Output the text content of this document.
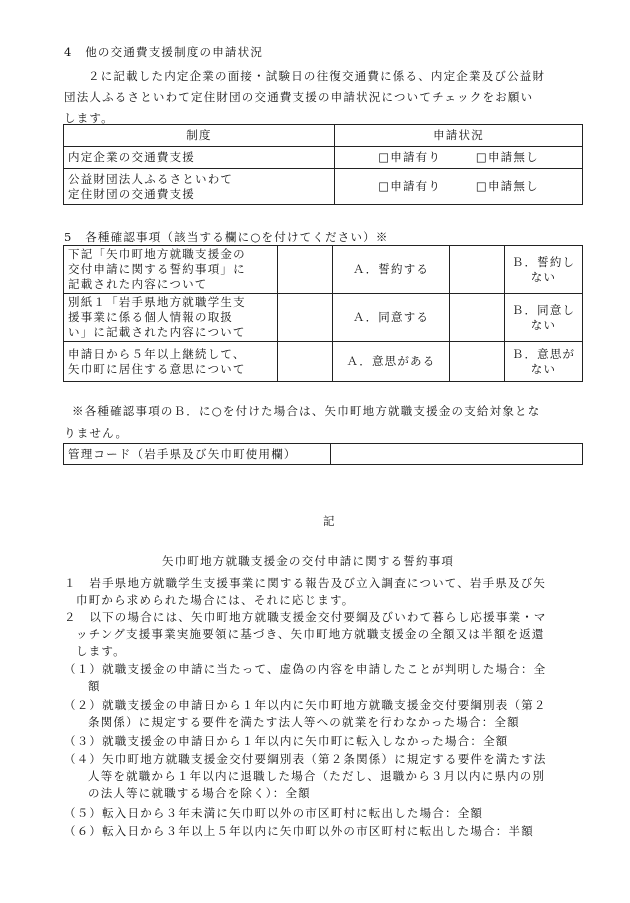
4　他の交通費支援制度の申請状況
２に記載した内定企業の面接・試験日の往復交通費に係る、内定企業及び公益財
団法人ふるさといわて定住財団の交通費支援の申請状況についてチェックをお願い
します。
制度	申請状況
内定企業の交通費支援	□申請有り □申請無し

公益財団法人ふるさといわて
定住財団の交通費支援	□申請有り □申請無し
5　各種確認事項（該当する欄に○を付けてください）※
下記「矢巾町地方就職支援金の
交付申請に関する誓約事項」に
記載された内容について		Ａ．誓約する		Ｂ．誓約しない

別紙１「岩手県地方就職学生支
援事業に係る個人情報の取扱
い」に記載された内容について		Ａ．同意する		Ｂ．同意しない

申請日から５年以上継続して、
矢巾町に居住する意思について		Ａ．意思がある		Ｂ．意思がない
※各種確認事項のＢ．に○を付けた場合は、矢巾町地方就職支援金の支給対象とな
りません。
管理コード（岩手県及び矢巾町使用欄）	
記
矢巾町地方就職支援金の交付申請に関する誓約事項
１　岩手県地方就職学生支援事業に関する報告及び立入調査について、岩手県及び矢
巾町から求められた場合には、それに応じます。
２　以下の場合には、矢巾町地方就職支援金交付要綱及びいわて暮らし応援事業・マ
ッチング支援事業実施要領に基づき、矢巾町地方就職支援金の全額又は半額を返還
します。
（１）就職支援金の申請に当たって、虚偽の内容を申請したことが判明した場合：全
額
（２）就職支援金の申請日から１年以内に矢巾町地方就職支援金交付要綱別表（第２
条関係）に規定する要件を満たす法人等への就業を行わなかった場合：全額
（３）就職支援金の申請日から１年以内に矢巾町に転入しなかった場合：全額
（４）矢巾町地方就職支援金交付要綱別表（第２条関係）に規定する要件を満たす法
人等を就職から１年以内に退職した場合（ただし、退職から３月以内に県内の別
の法人等に就職する場合を除く）：全額
（５）転入日から３年未満に矢巾町以外の市区町村に転出した場合：全額
（６）転入日から３年以上５年以内に矢巾町以外の市区町村に転出した場合：半額
